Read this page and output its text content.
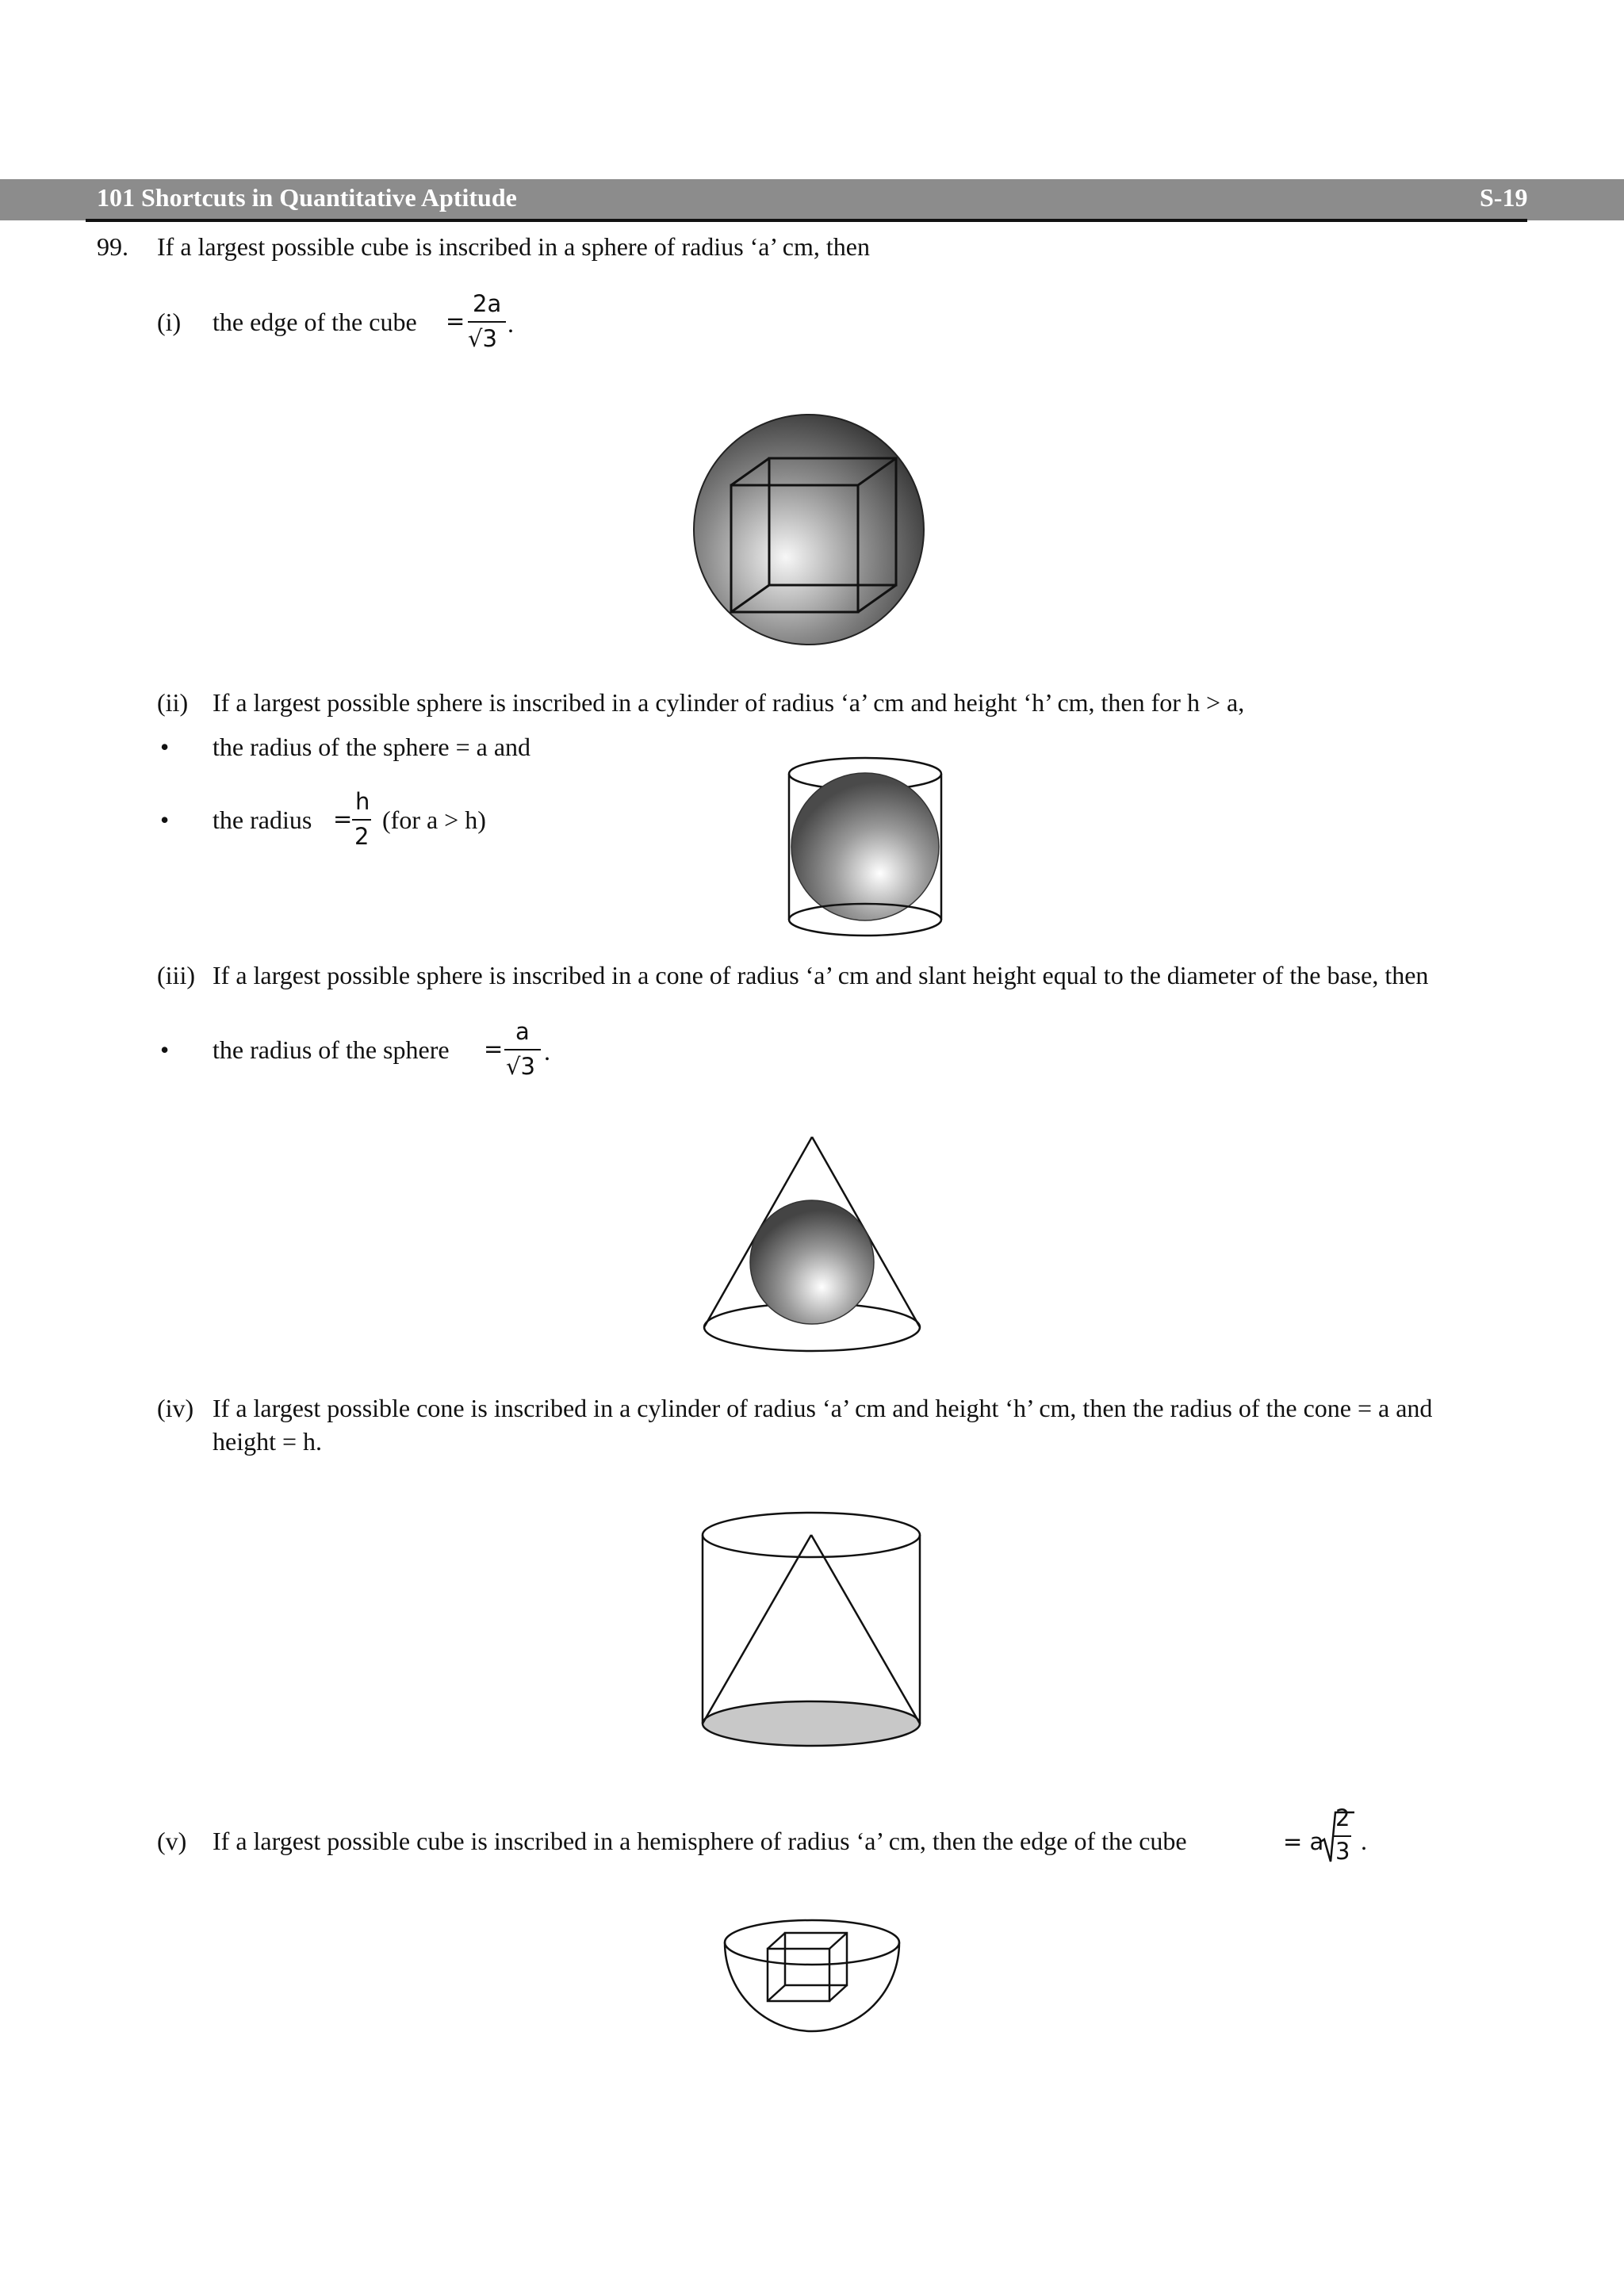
101 Shortcuts in Quantitative Aptitude	S-19
99. If a largest possible cube is inscribed in a sphere of radius ‘a’ cm, then
(i) the edge of the cube =
2a
√3
.
(ii) If a largest possible sphere is inscribed in a cylinder of radius ‘a’ cm and height ‘h’ cm, then for h > a,
• the radius of the sphere = a and
• the radius =
h
2
(for a > h)
(iii) If a largest possible sphere is inscribed in a cone of radius ‘a’ cm and slant height equal to the diameter of the base, then
• the radius of the sphere =
a
√3
.
(iv) If a largest possible cone is inscribed in a cylinder of radius ‘a’ cm and height ‘h’ cm, then the radius of the cone = a and
height = h.
(v) If a largest possible cube is inscribed in a hemisphere of radius ‘a’ cm, then the edge of the cube	= a
2
3 .
